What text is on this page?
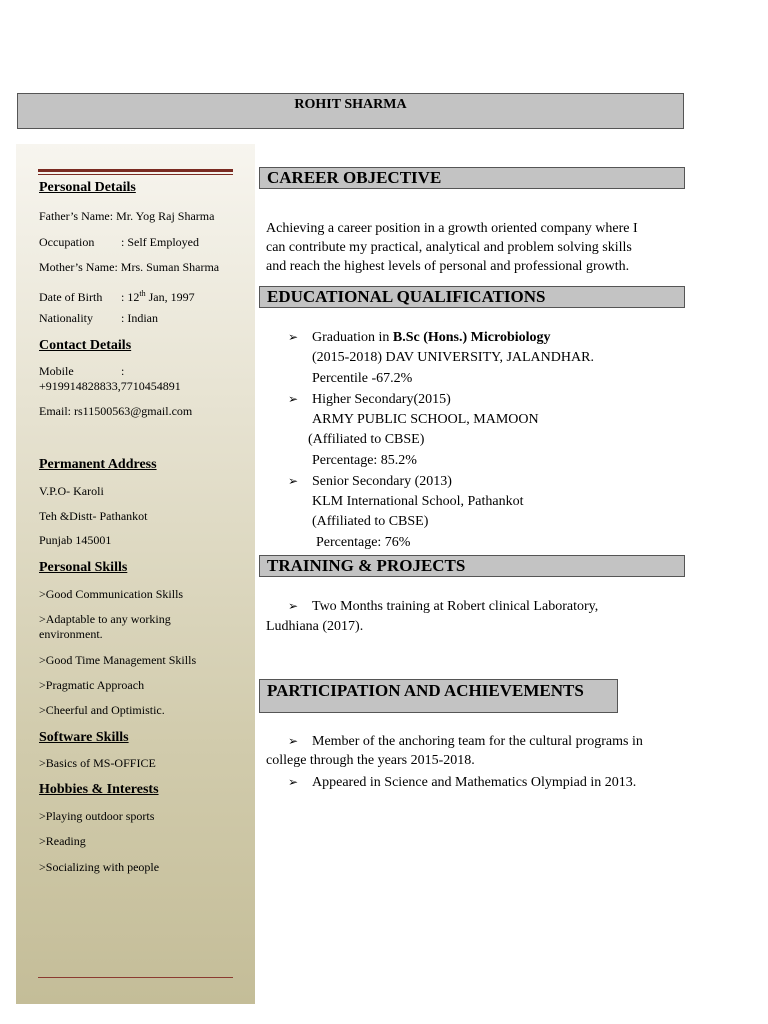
ROHIT SHARMA
Personal Details
Father’s Name: Mr. Yog Raj Sharma
Occupation : Self Employed
Mother’s Name: Mrs. Suman Sharma
Date of Birth : 12th Jan, 1997
Nationality : Indian
Contact Details
Mobile	:
+919914828833,7710454891
Email: rs11500563@gmail.com
Permanent Address
V.P.O- Karoli
Teh &Distt- Pathankot
Punjab 145001
Personal Skills
>Good Communication Skills
>Adaptable to any working environment.
>Good Time Management Skills
>Pragmatic Approach
>Cheerful and Optimistic.
Software Skills
>Basics of MS-OFFICE
Hobbies & Interests
>Playing outdoor sports
>Reading
>Socializing with people
CAREER OBJECTIVE
Achieving a career position in a growth oriented company where I
can contribute my practical, analytical and problem solving skills
and reach the highest levels of personal and professional growth.
EDUCATIONAL QUALIFICATIONS
➢ Graduation in B.Sc (Hons.) Microbiology
(2015-2018) DAV UNIVERSITY, JALANDHAR.
Percentile -67.2%
➢ Higher Secondary(2015)
ARMY PUBLIC SCHOOL, MAMOON
(Affiliated to CBSE)
Percentage: 85.2%
➢ Senior Secondary (2013)
KLM International School, Pathankot
(Affiliated to CBSE)
Percentage: 76%
TRAINING & PROJECTS
➢ Two Months training at Robert clinical Laboratory,
Ludhiana (2017).
PARTICIPATION AND ACHIEVEMENTS
➢ Member of the anchoring team for the cultural programs in
college through the years 2015-2018.
➢ Appeared in Science and Mathematics Olympiad in 2013.
